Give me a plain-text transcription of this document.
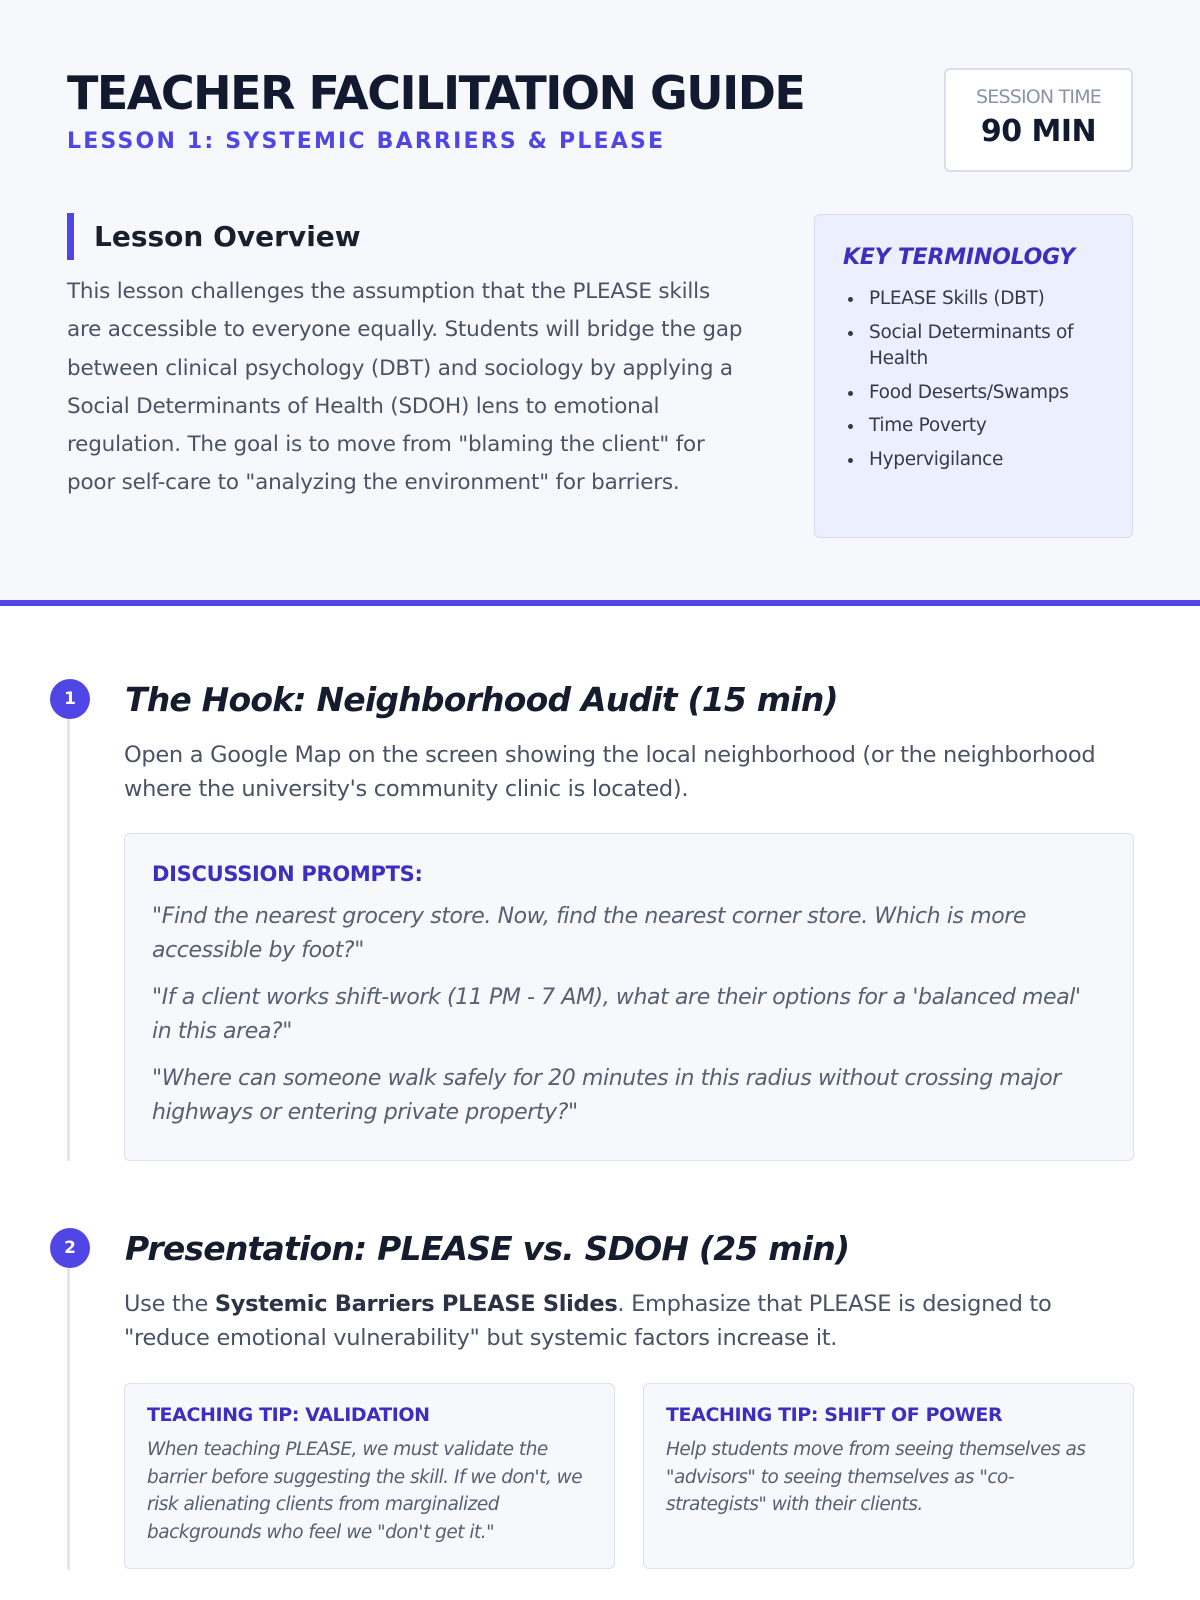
TEACHER FACILITATION GUIDE
LESSON 1: SYSTEMIC BARRIERS & PLEASE
SESSION TIME
90 MIN
Lesson Overview
This lesson challenges the assumption that the PLEASE skills are accessible to everyone equally. Students will bridge the gap between clinical psychology (DBT) and sociology by applying a Social Determinants of Health (SDOH) lens to emotional regulation. The goal is to move from "blaming the client" for poor self-care to "analyzing the environment" for barriers.
KEY TERMINOLOGY
PLEASE Skills (DBT)
Social Determinants of Health
Food Deserts/Swamps
Time Poverty
Hypervigilance
1	The Hook: Neighborhood Audit (15 min)
Open a Google Map on the screen showing the local neighborhood (or the neighborhood where the university's community clinic is located).
DISCUSSION PROMPTS:
"Find the nearest grocery store. Now, find the nearest corner store. Which is more accessible by foot?"
"If a client works shift-work (11 PM - 7 AM), what are their options for a 'balanced meal' in this area?"
"Where can someone walk safely for 20 minutes in this radius without crossing major highways or entering private property?"
2	Presentation: PLEASE vs. SDOH (25 min)
Use the Systemic Barriers PLEASE Slides. Emphasize that PLEASE is designed to "reduce emotional vulnerability" but systemic factors increase it.
TEACHING TIP: VALIDATION
When teaching PLEASE, we must validate the barrier before suggesting the skill. If we don't, we risk alienating clients from marginalized backgrounds who feel we "don't get it."
TEACHING TIP: SHIFT OF POWER
Help students move from seeing themselves as "advisors" to seeing themselves as "co-strategists" with their clients.
